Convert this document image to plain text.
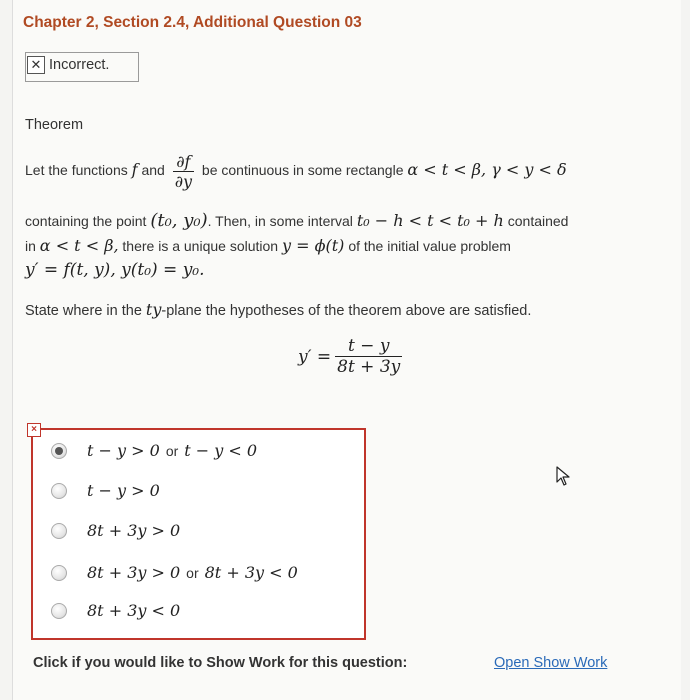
Chapter 2, Section 2.4, Additional Question 03
✕ Incorrect.
Theorem
Let the functions f and $\frac{\partial f}{\partial y}$ be continuous in some rectangle α < t < β, γ < y < δ
containing the point (t₀, y₀). Then, in some interval t₀ − h < t < t₀ + h contained
in α < t < β, there is a unique solution y = ϕ(t) of the initial value problem
y′ = f(t, y), y(t₀) = y₀.
State where in the ty-plane the hypotheses of the theorem above are satisfied.
$y' = \frac{t - y}{8t + 3y}$
×
t − y > 0 or t − y < 0
t − y > 0
8t + 3y > 0
8t + 3y > 0 or 8t + 3y < 0
8t + 3y < 0
Click if you would like to Show Work for this question:	Open Show Work
